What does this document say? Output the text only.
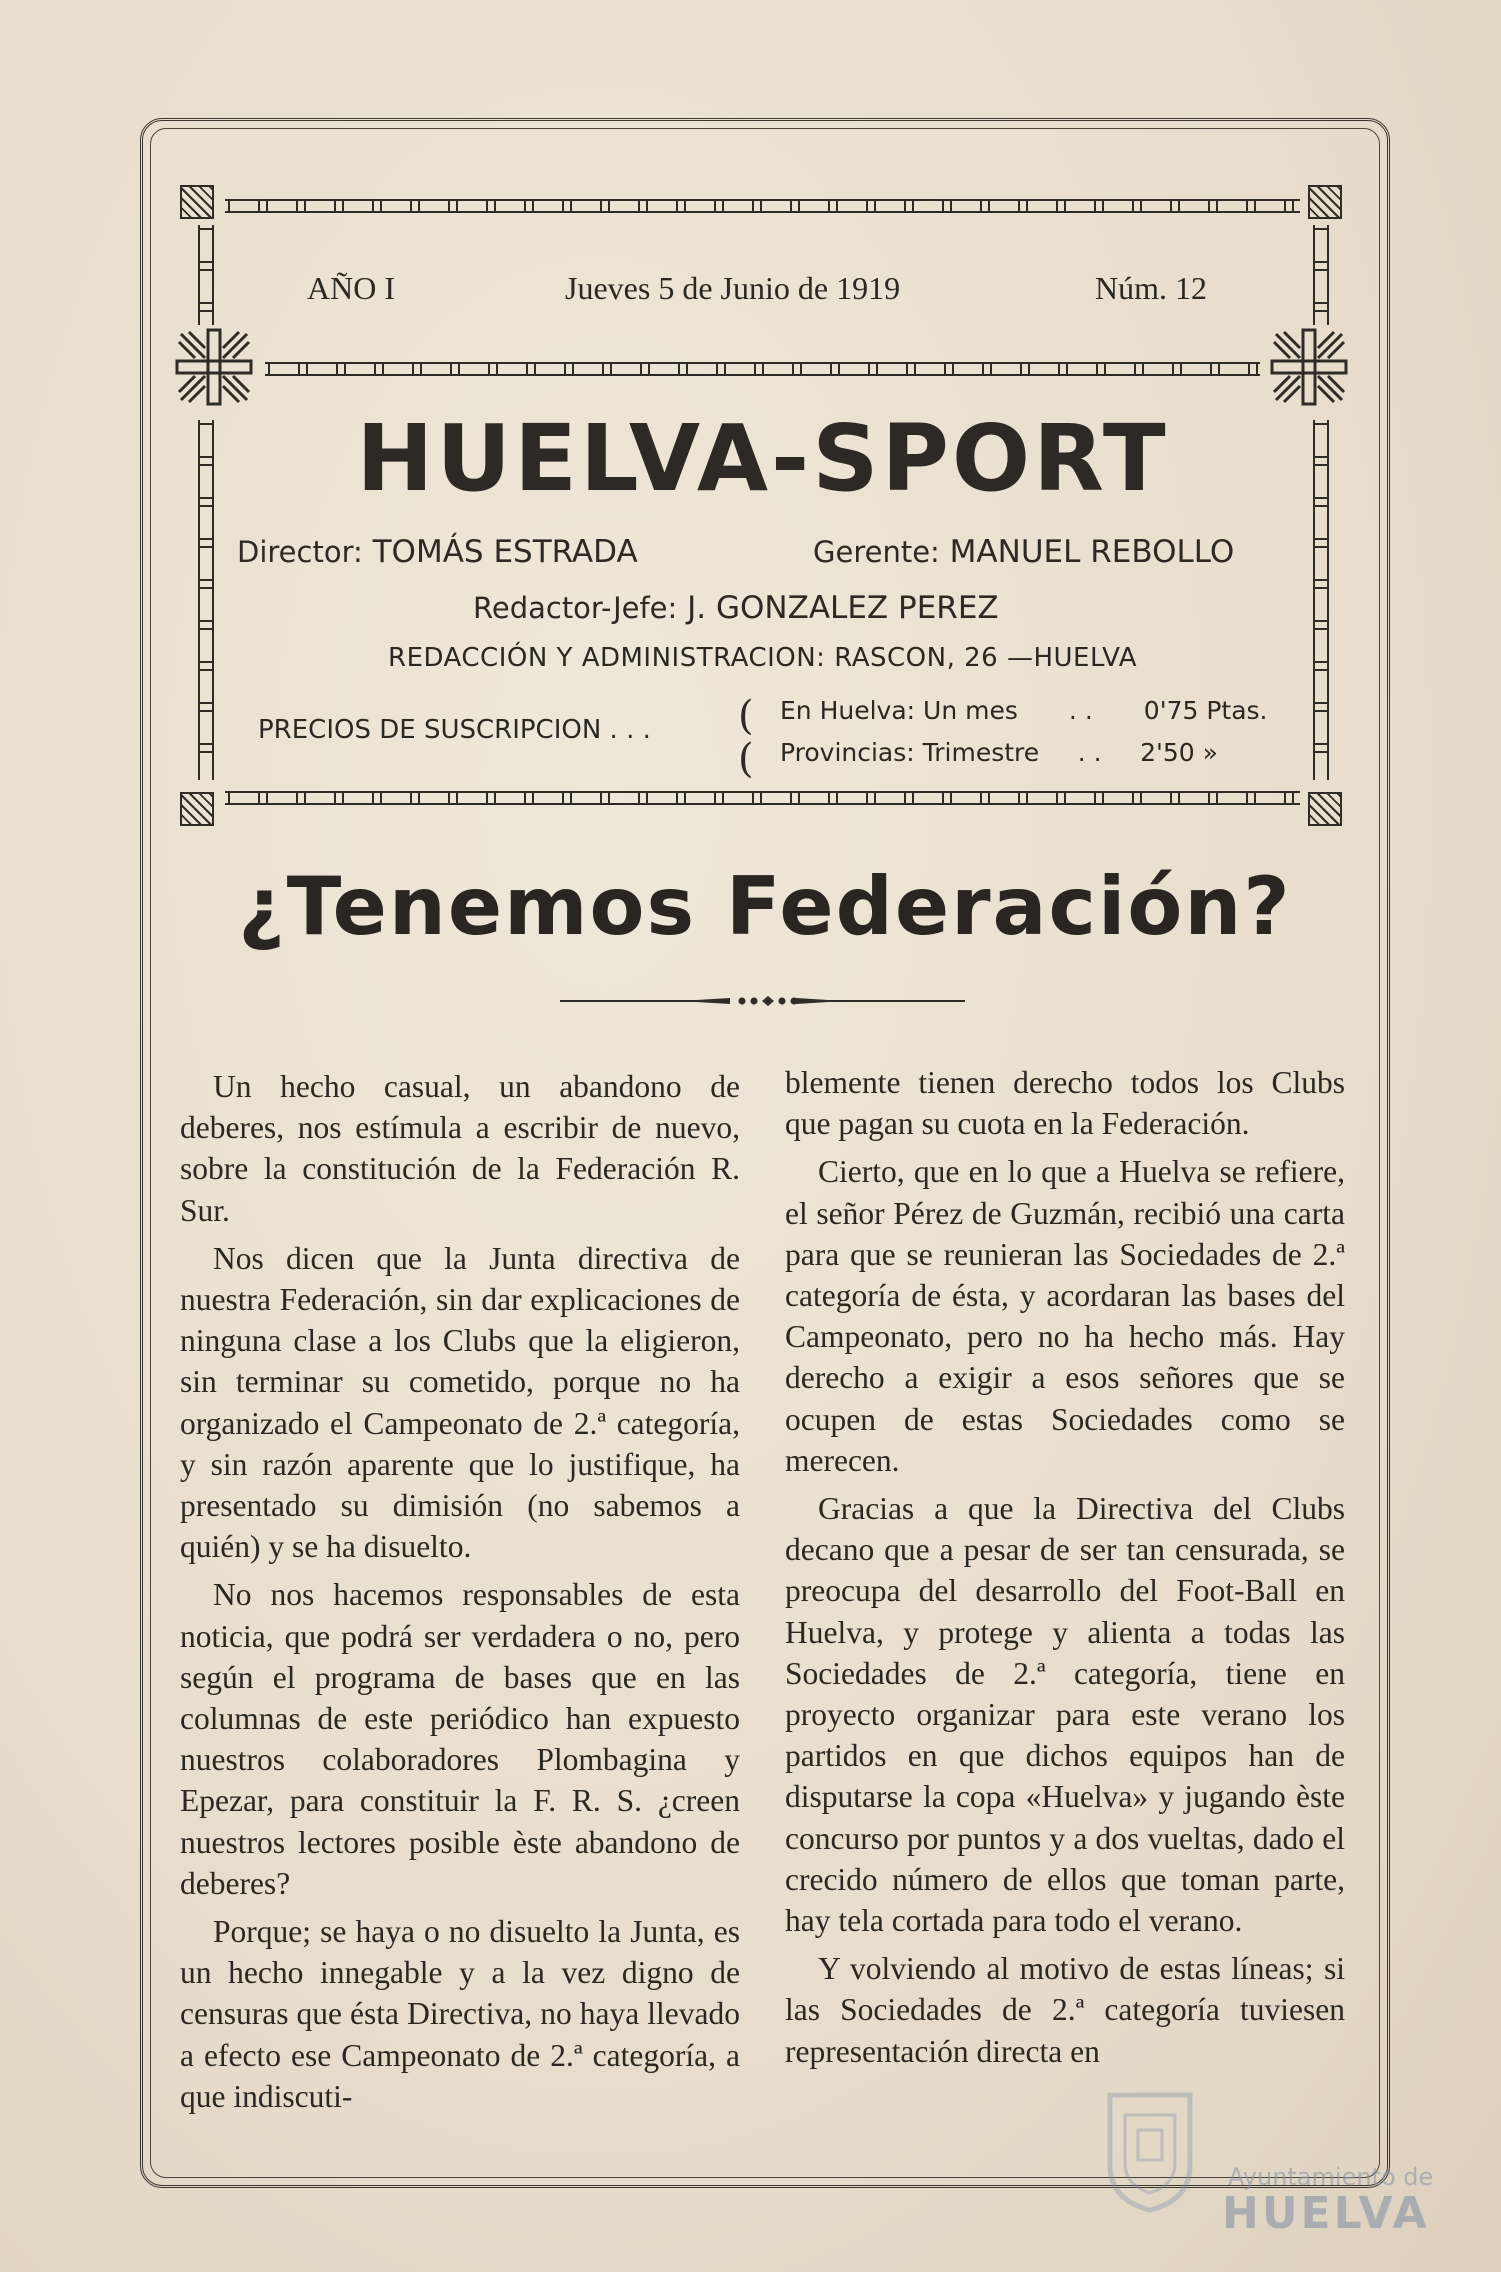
AÑO I	Jueves 5 de Junio de 1919	Núm. 12
HUELVA-SPORT
Director: TOMÁS ESTRADA	Gerente: MANUEL REBOLLO
Redactor-Jefe: J. GONZALEZ PEREZ
REDACCIÓN Y ADMINISTRACION: RASCON, 26 —HUELVA
PRECIOS DE SUSCRIPCION . . . (
(
En Huelva: Un mes . . 0'75 Ptas.
Provincias: Trimestre . . 2'50 »
¿Tenemos Federación?

Un hecho casual, un abandono de deberes, nos estímula a escribir de nuevo, sobre la constitución de la Federación R. Sur.

Nos dicen que la Junta directiva de nuestra Federación, sin dar explicaciones de ninguna clase a los Clubs que la eligieron, sin terminar su cometido, porque no ha organizado el Campeonato de 2.ª categoría, y sin razón aparente que lo justifique, ha presentado su dimisión (no sabemos a quién) y se ha disuelto.

No nos hacemos responsables de esta noticia, que podrá ser verdadera o no, pero según el programa de bases que en las columnas de este periódico han expuesto nuestros colaboradores Plombagina y Epezar, para constituir la F. R. S. ¿creen nuestros lectores posible èste abandono de deberes?

Porque; se haya o no disuelto la Junta, es un hecho innegable y a la vez digno de censuras que ésta Directiva, no haya llevado a efecto ese Campeonato de 2.ª categoría, a que indiscuti-

blemente tienen derecho todos los Clubs que pagan su cuota en la Federación.

Cierto, que en lo que a Huelva se refiere, el señor Pérez de Guzmán, recibió una carta para que se reunieran las Sociedades de 2.ª categoría de ésta, y acordaran las bases del Campeonato, pero no ha hecho más. Hay derecho a exigir a esos señores que se ocupen de estas Sociedades como se merecen.

Gracias a que la Directiva del Clubs decano que a pesar de ser tan censurada, se preocupa del desarrollo del Foot-Ball en Huelva, y protege y alienta a todas las Sociedades de 2.ª categoría, tiene en proyecto organizar para este verano los partidos en que dichos equipos han de disputarse la copa «Huelva» y jugando èste concurso por puntos y a dos vueltas, dado el crecido número de ellos que toman parte, hay tela cortada para todo el verano.

Y volviendo al motivo de estas líneas; si las Sociedades de 2.ª categoría tuviesen representación directa en

Ayuntamiento de
HUELVA
